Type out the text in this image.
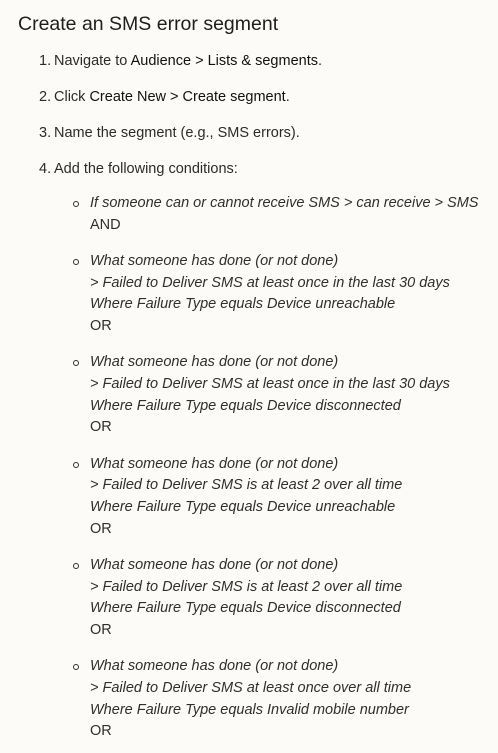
Create an SMS error segment
1. Navigate to Audience > Lists & segments.
2. Click Create New > Create segment.
3. Name the segment (e.g., SMS errors).
4. Add the following conditions:
If someone can or cannot receive SMS > can receive > SMS
AND
What someone has done (or not done)
> Failed to Deliver SMS at least once in the last 30 days
Where Failure Type equals Device unreachable
OR
What someone has done (or not done)
> Failed to Deliver SMS at least once in the last 30 days
Where Failure Type equals Device disconnected
OR
What someone has done (or not done)
> Failed to Deliver SMS is at least 2 over all time
Where Failure Type equals Device unreachable
OR
What someone has done (or not done)
> Failed to Deliver SMS is at least 2 over all time
Where Failure Type equals Device disconnected
OR
What someone has done (or not done)
> Failed to Deliver SMS at least once over all time
Where Failure Type equals Invalid mobile number
OR
